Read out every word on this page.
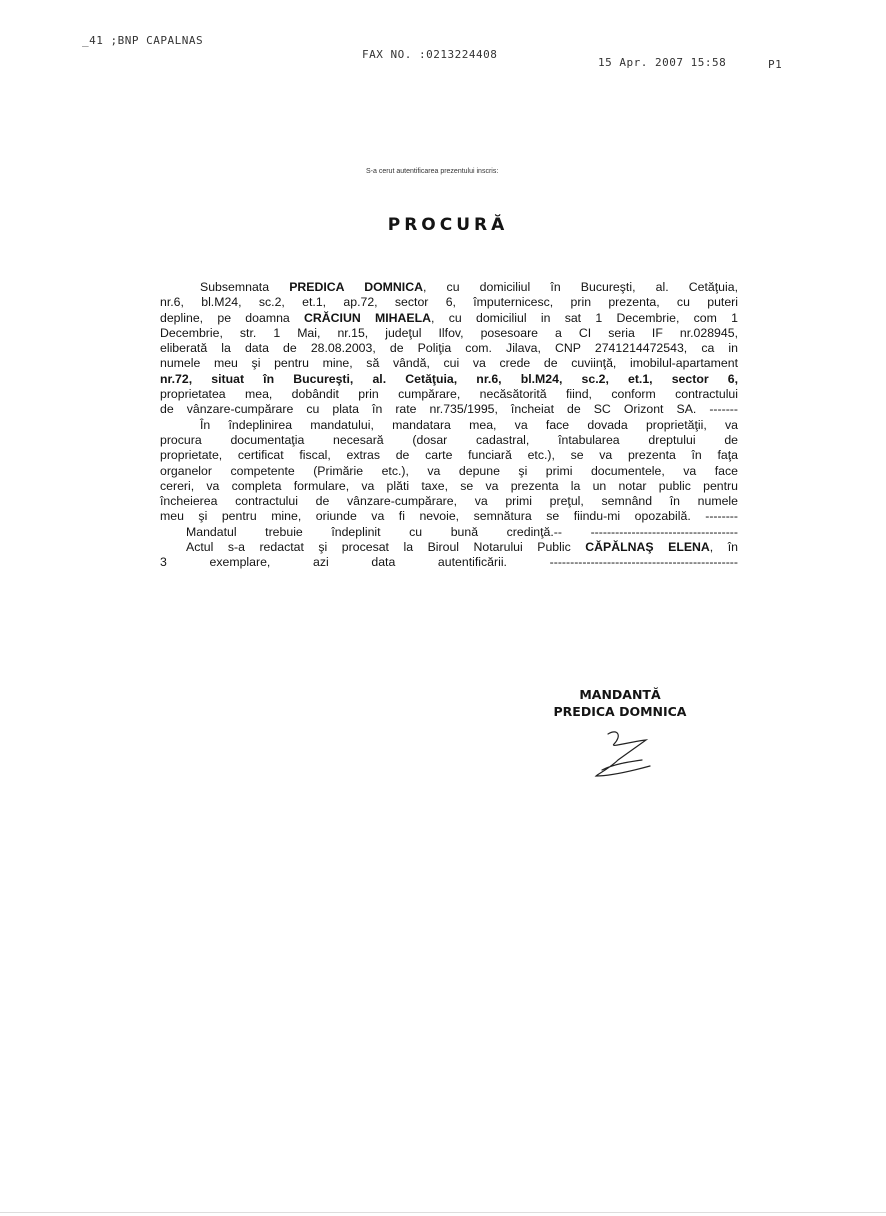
_41 ;BNP CAPALNAS
FAX NO. :0213224408
15 Apr. 2007 15:58	P1
S-a cerut autentificarea prezentului inscris:
PROCURĂ
Subsemnata PREDICA DOMNICA, cu domiciliul în Bucureşti, al. Cetăţuia,
nr.6, bl.M24, sc.2, et.1, ap.72, sector 6, împuternicesc, prin prezenta, cu puteri
depline, pe doamna CRĂCIUN MIHAELA, cu domiciliul in sat 1 Decembrie, com 1
Decembrie, str. 1 Mai, nr.15, judeţul Ilfov, posesoare a CI seria IF nr.028945,
eliberată la data de 28.08.2003, de Poliţia com. Jilava, CNP 2741214472543, ca in
numele meu şi pentru mine, să vândă, cui va crede de cuviinţă, imobilul-apartament
nr.72, situat în Bucureşti, al. Cetăţuia, nr.6, bl.M24, sc.2, et.1, sector 6,
proprietatea mea, dobândit prin cumpărare, necăsătorită fiind, conform contractului
de vânzare-cumpărare cu plata în rate nr.735/1995, încheiat de SC Orizont SA. -------
În îndeplinirea mandatului, mandatara mea, va face dovada proprietăţii, va
procura documentaţia necesară (dosar cadastral, întabularea dreptului de
proprietate, certificat fiscal, extras de carte funciară etc.), se va prezenta în faţa
organelor competente (Primărie etc.), va depune şi primi documentele, va face
cereri, va completa formulare, va plăti taxe, se va prezenta la un notar public pentru
încheierea contractului de vânzare-cumpărare, va primi preţul, semnând în numele
meu şi pentru mine, oriunde va fi nevoie, semnătura se fiindu-mi opozabilă. --------
Mandatul trebuie îndeplinit cu bună credinţă.-- ------------------------------------
Actul s-a redactat şi procesat la Biroul Notarului Public CĂPĂLNAŞ ELENA, în
3 exemplare, azi data autentificării. ----------------------------------------------
MANDANTĂ
PREDICA DOMNICA
